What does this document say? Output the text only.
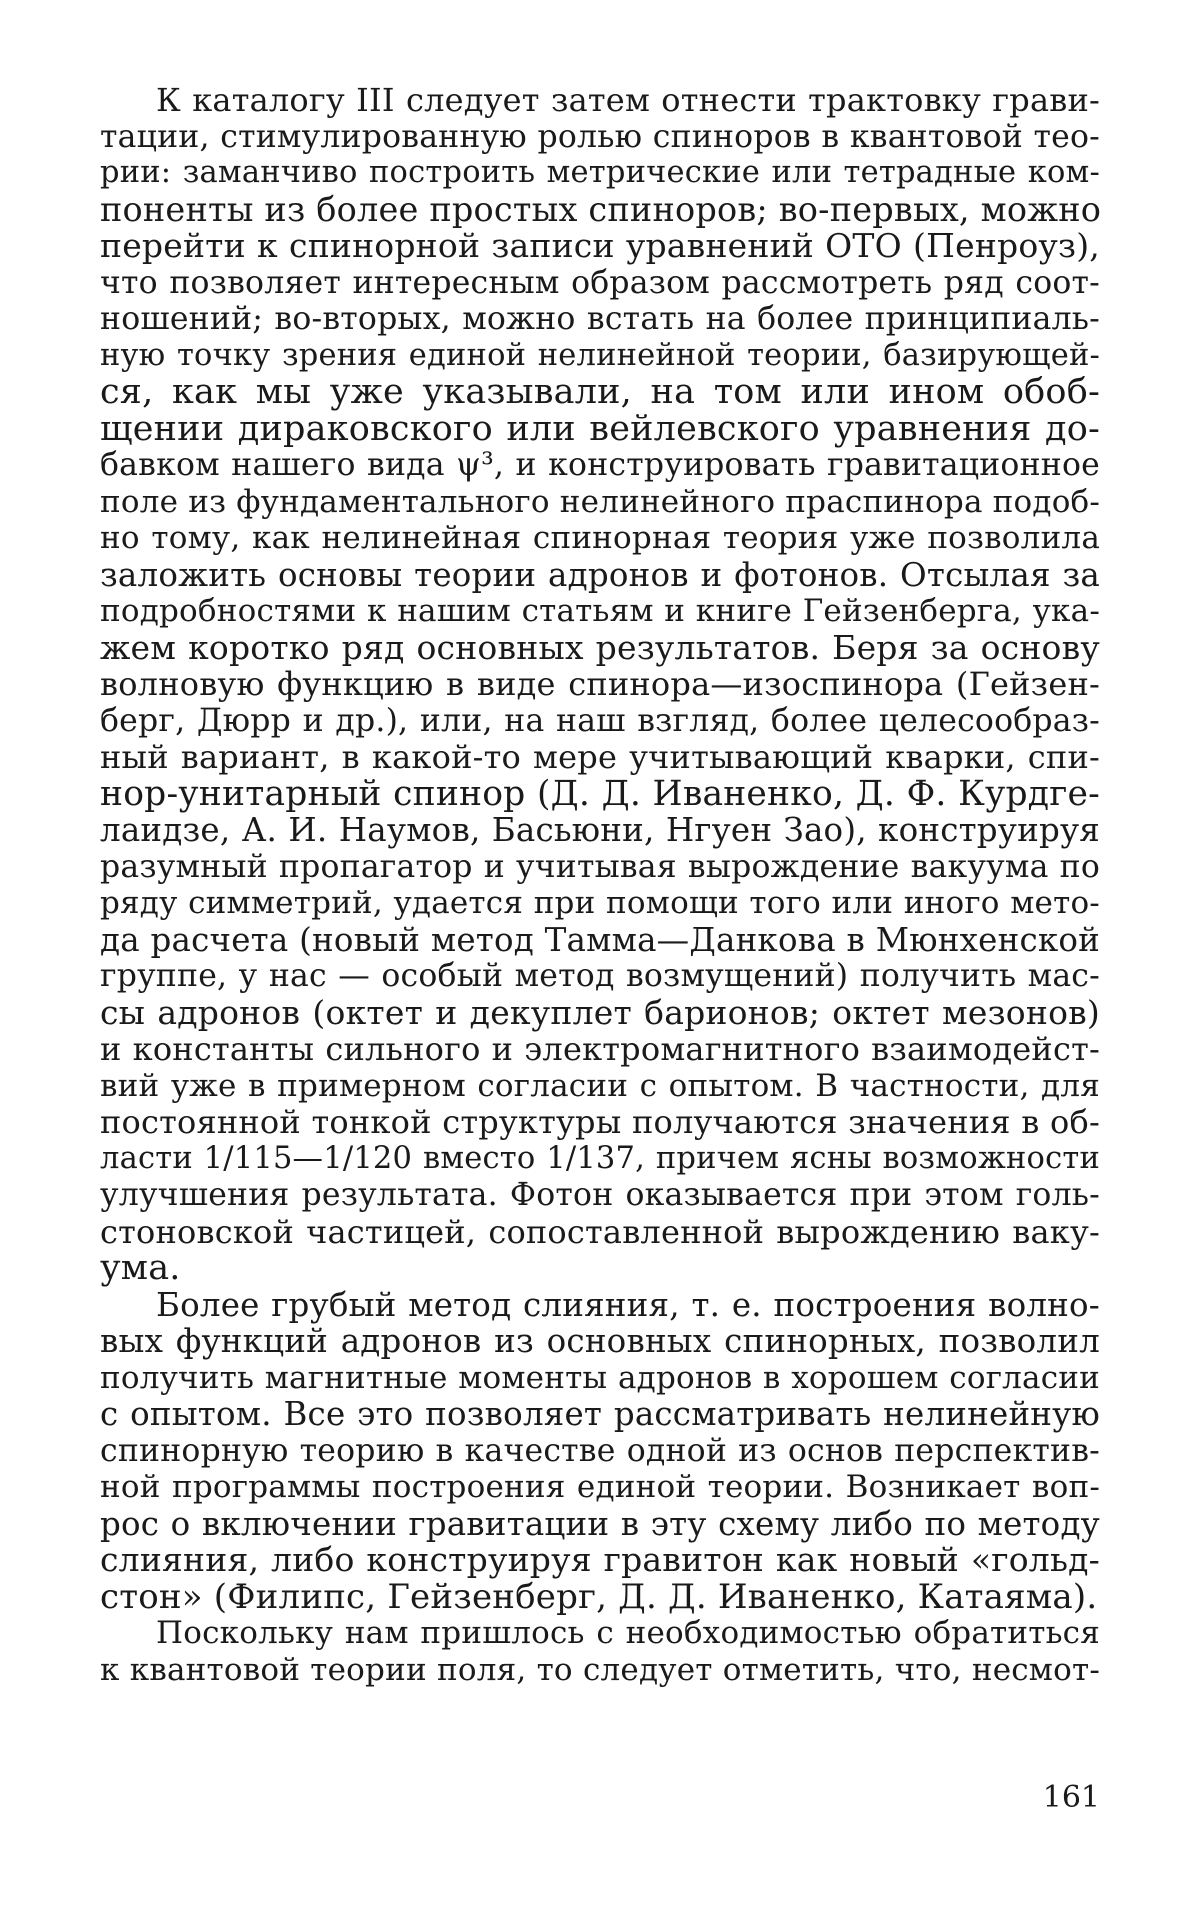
К каталогу III следует затем отнести трактовку грави-
тации, стимулированную ролью спиноров в квантовой тео-
рии: заманчиво построить метрические или тетрадные ком-
поненты из более простых спиноров; во-первых, можно
перейти к спинорной записи уравнений ОТО (Пенроуз),
что позволяет интересным образом рассмотреть ряд соот-
ношений; во-вторых, можно встать на более принципиаль-
ную точку зрения единой нелинейной теории, базирующей-
ся, как мы уже указывали, на том или ином обоб-
щении дираковского или вейлевского уравнения до-
бавком нашего вида ψ³, и конструировать гравитационное
поле из фундаментального нелинейного праспинора подоб-
но тому, как нелинейная спинорная теория уже позволила
заложить основы теории адронов и фотонов. Отсылая за
подробностями к нашим статьям и книге Гейзенберга, ука-
жем коротко ряд основных результатов. Беря за основу
волновую функцию в виде спинора—изоспинора (Гейзен-
берг, Дюрр и др.), или, на наш взгляд, более целесообраз-
ный вариант, в какой-то мере учитывающий кварки, спи-
нор-унитарный спинор (Д. Д. Иваненко, Д. Ф. Курдге-
лаидзе, А. И. Наумов, Басьюни, Нгуен Зао), конструируя
разумный пропагатор и учитывая вырождение вакуума по
ряду симметрий, удается при помощи того или иного мето-
да расчета (новый метод Тамма—Данкова в Мюнхенской
группе, у нас — особый метод возмущений) получить мас-
сы адронов (октет и декуплет барионов; октет мезонов)
и константы сильного и электромагнитного взаимодейст-
вий уже в примерном согласии с опытом. В частности, для
постоянной тонкой структуры получаются значения в об-
ласти 1/115—1/120 вместо 1/137, причем ясны возможности
улучшения результата. Фотон оказывается при этом голь-
стоновской частицей, сопоставленной вырождению ваку-
ума.
Более грубый метод слияния, т. е. построения волно-
вых функций адронов из основных спинорных, позволил
получить магнитные моменты адронов в хорошем согласии
с опытом. Все это позволяет рассматривать нелинейную
спинорную теорию в качестве одной из основ перспектив-
ной программы построения единой теории. Возникает воп-
рос о включении гравитации в эту схему либо по методу
слияния, либо конструируя гравитон как новый «гольд-
стон» (Филипс, Гейзенберг, Д. Д. Иваненко, Катаяма).
Поскольку нам пришлось с необходимостью обратиться
к квантовой теории поля, то следует отметить, что, несмот-
161
